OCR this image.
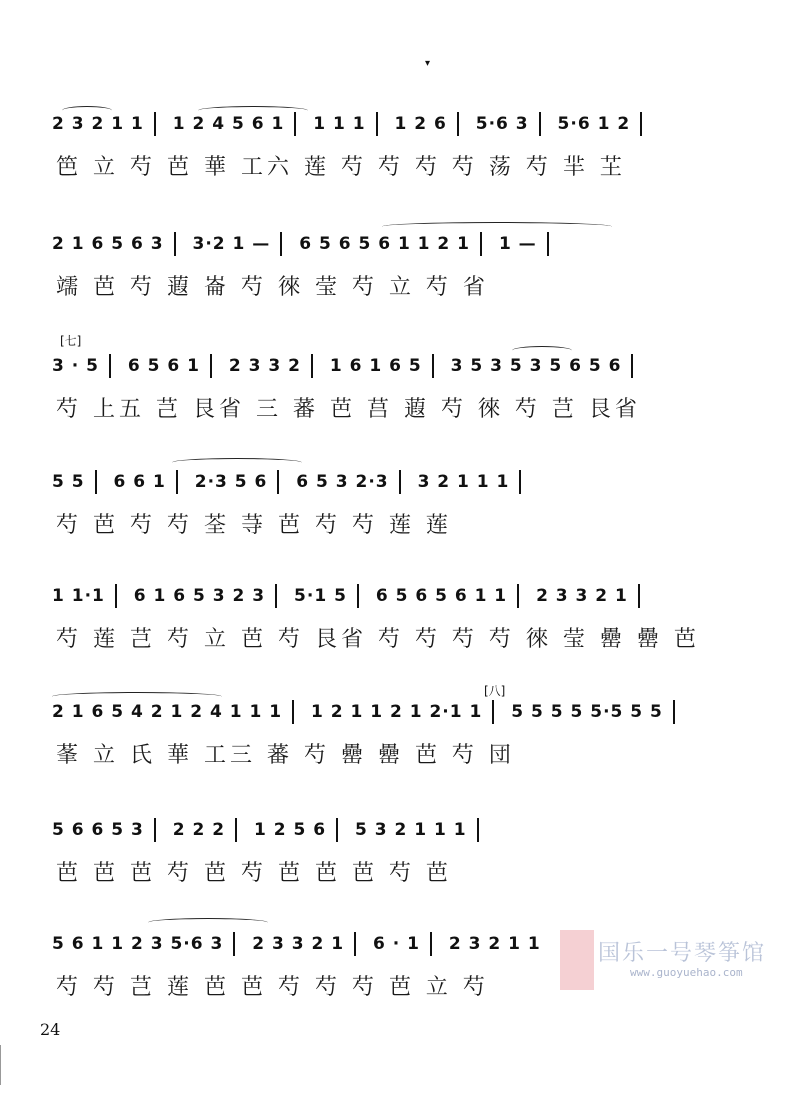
▾
2 3 2 1 1 1 2 4 5 6 1 1 1 1 1 2 6 5·6 3 5·6 1 2
笆 立 芍 芭 華 ⼯六 莲 芍 芍 芍 芍 荡 芍 羋 芏
2 1 6 5 6 3 3·2 1 — 6 5 6 5 6 1 1 2 1 1 —
䇕 芭 芍 蕸 崙 芍 徠 莹 芍 立 芍 省
[七]
3 · 5 6 5 6 1 2 3 3 2 1 6 1 6 5 3 5 3 5 3 5 6 5 6
芍 上五 芑 艮省 三 蕃 芭 莒 蕸 芍 徠 芍 芑 艮省
5 5 6 6 1 2·3 5 6 6 5 3 2·3 3 2 1 1 1
芍 芭 芍 芍 荃 䒭 芭 芍 芍 莲 莲
1 1·1 6 1 6 5 3 2 3 5·1 5 6 5 6 5 6 1 1 2 3 3 2 1
芍 莲 芑 芍 立 芭 芍 艮省 芍 芍 芍 芍 徠 莹 罍 罍 芭
[八]
2 1 6 5 4 2 1 2 4 1 1 1 1 2 1 1 2 1 2·1 1 5 5 5 5 5·5 5 5
莑 ⽴ ⽒ 華 ⼯三 蕃 芍 罍 罍 芭 芍 団
5 6 6 5 3 2 2 2 1 2 5 6 5 3 2 1 1 1
芭 芭 芭 芍 芭 芍 芭 芭 芭 芍 芭
5 6 1 1 2 3 5·6 3 2 3 3 2 1 6 · 1 2 3 2 1 1
芍 芍 芑 莲 芭 芭 芍 芍 芍 芭 立 芍
国乐一号琴筝馆
www.guoyuehao.com
24
